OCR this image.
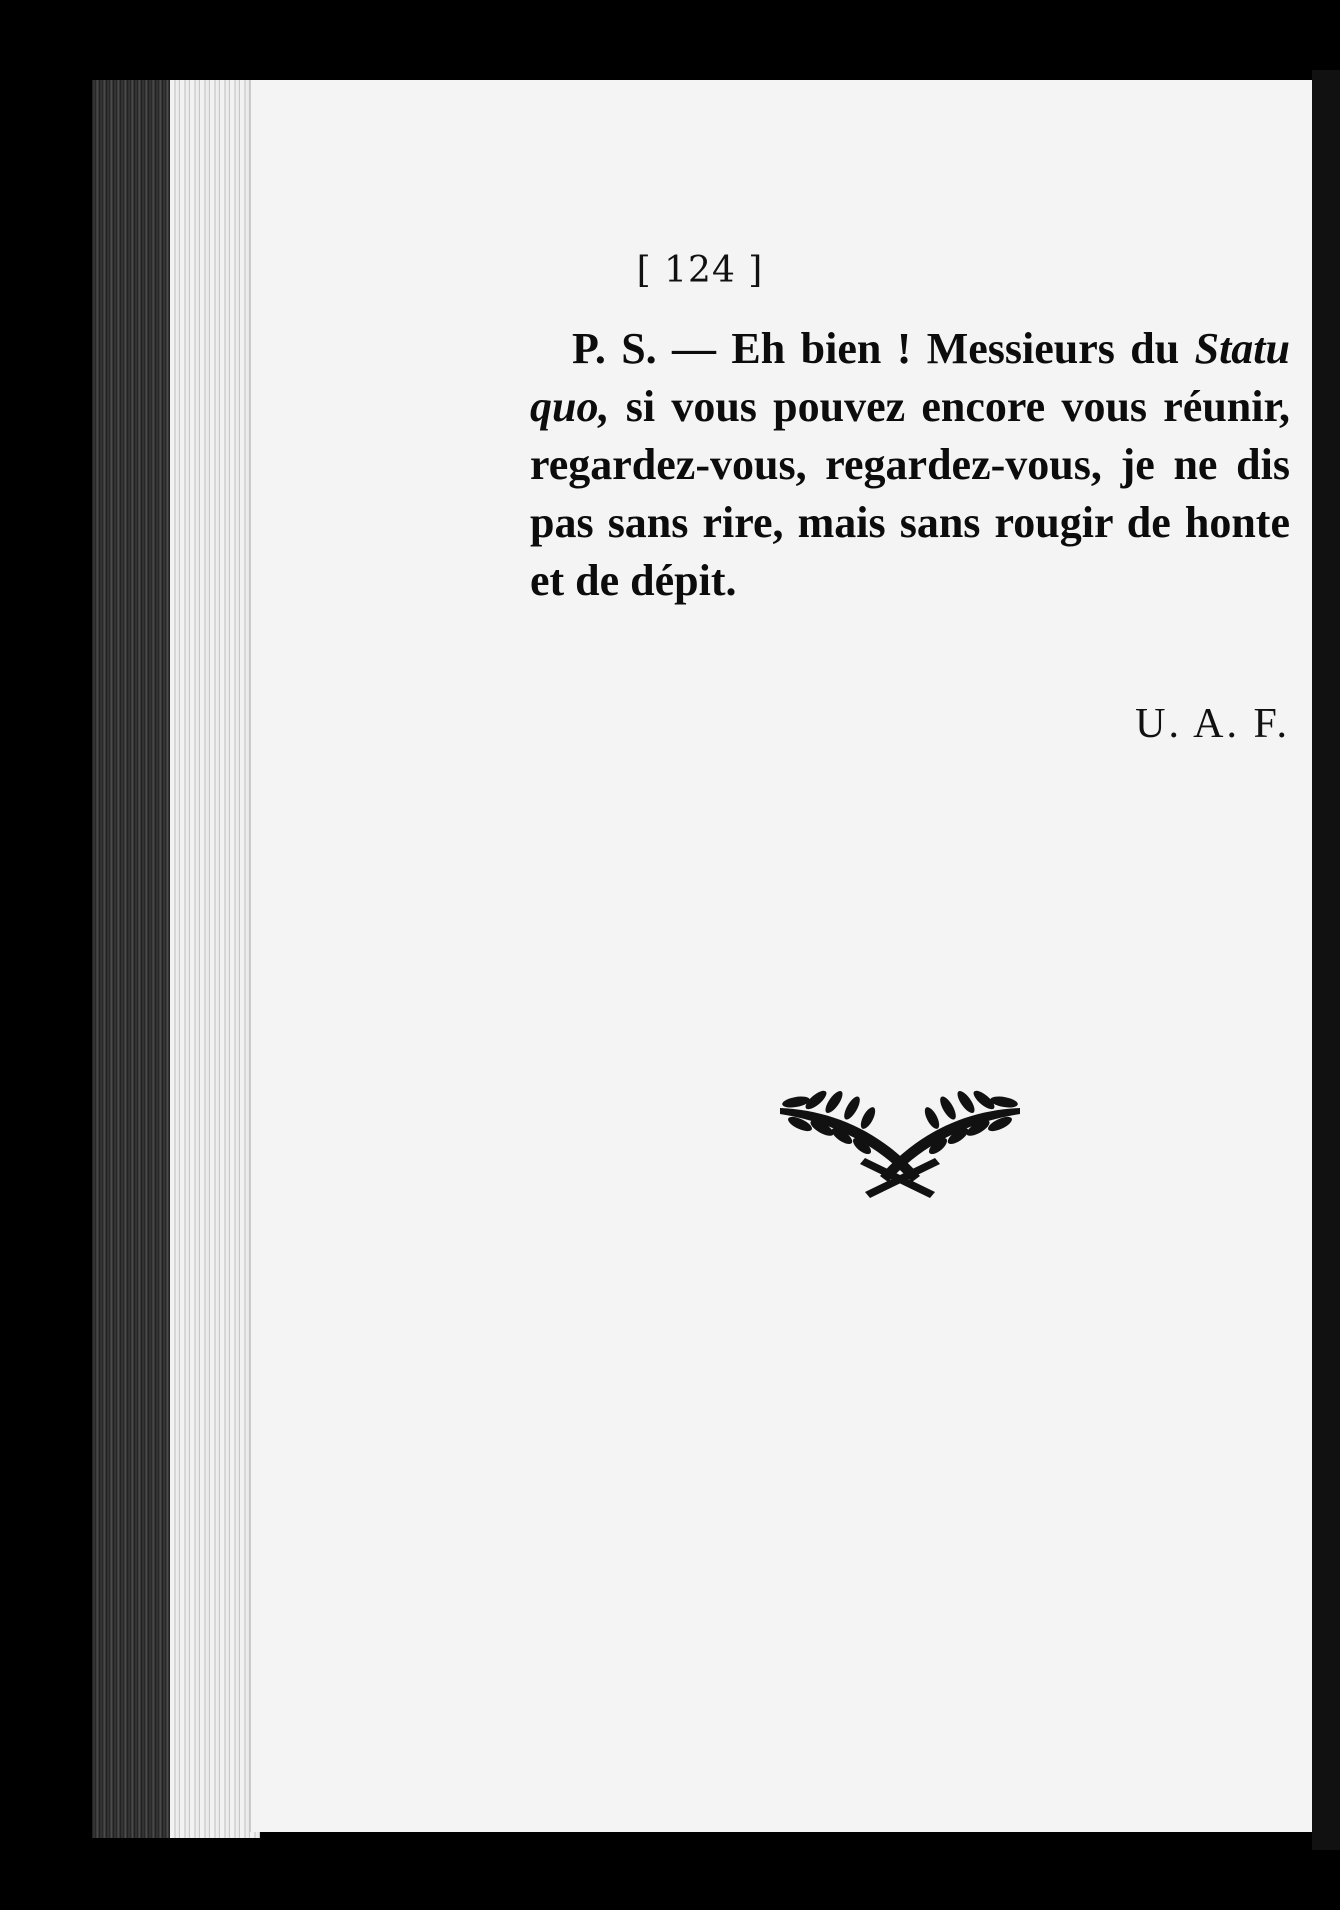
[ 124 ]

P. S. — Eh bien ! Messieurs du Statu quo, si vous pouvez encore vous réunir, regardez-vous, regardez-vous, je ne dis pas sans rire, mais sans rougir de honte et de dépit.

U. A. F.
